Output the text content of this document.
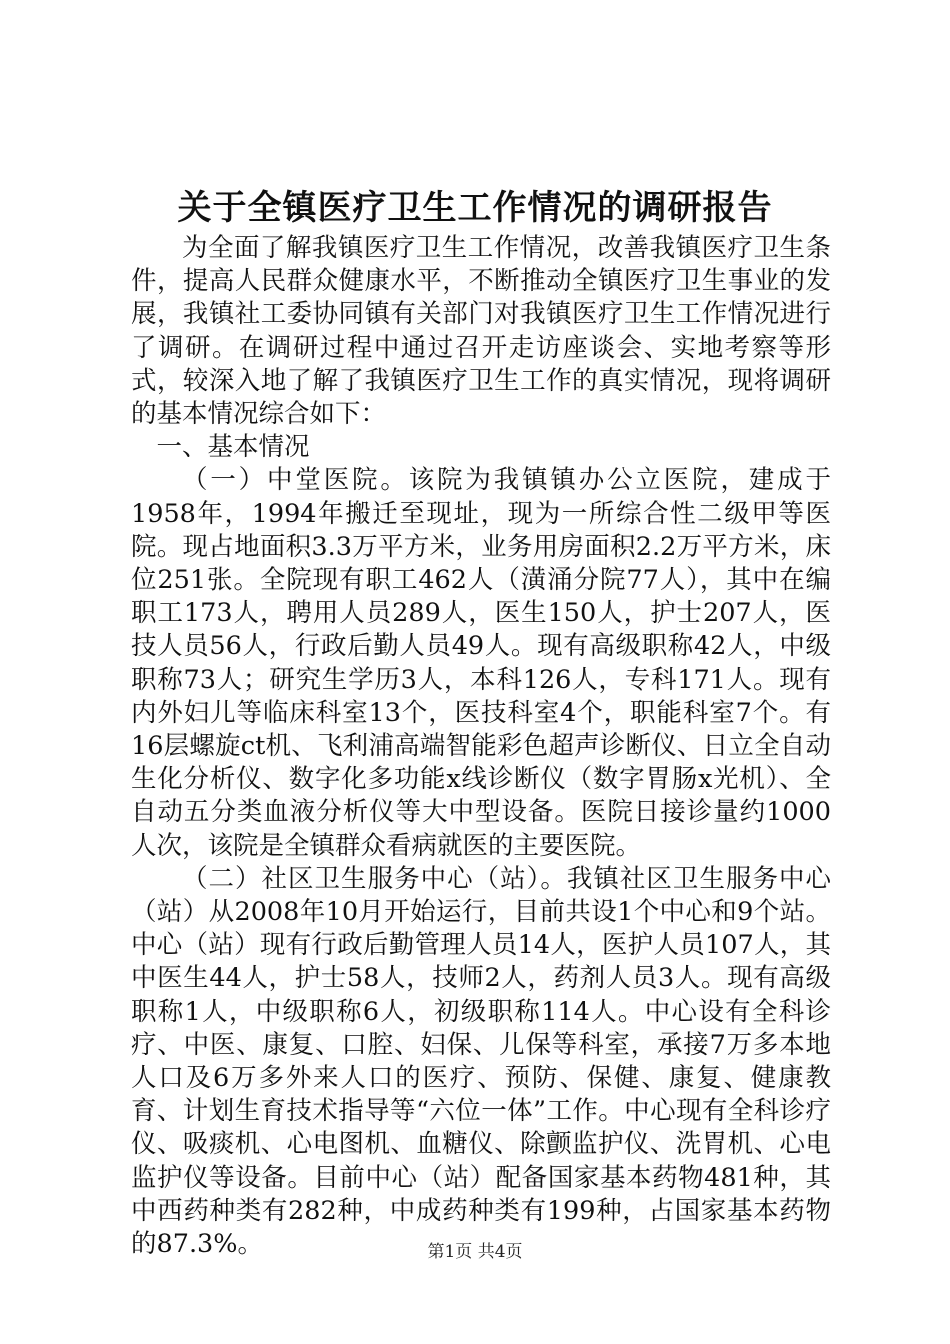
关于全镇医疗卫生工作情况的调研报告

为全面了解我镇医疗卫生工作情况，改善我镇医疗卫生条件，提高人民群众健康水平，不断推动全镇医疗卫生事业的发展，我镇社工委协同镇有关部门对我镇医疗卫生工作情况进行了调研。在调研过程中通过召开走访座谈会、实地考察等形式，较深入地了解了我镇医疗卫生工作的真实情况，现将调研的基本情况综合如下：

一、基本情况

（一）中堂医院。该院为我镇镇办公立医院，建成于1958年，1994年搬迁至现址，现为一所综合性二级甲等医院。现占地面积3.3万平方米，业务用房面积2.2万平方米，床位251张。全院现有职工462人（潢涌分院77人），其中在编职工173人，聘用人员289人，医生150人，护士207人，医技人员56人，行政后勤人员49人。现有高级职称42人，中级职称73人；研究生学历3人，本科126人，专科171人。现有内外妇儿等临床科室13个，医技科室4个，职能科室7个。有16层螺旋ct机、飞利浦高端智能彩色超声诊断仪、日立全自动生化分析仪、数字化多功能x线诊断仪（数字胃肠x光机）、全自动五分类血液分析仪等大中型设备。医院日接诊量约1000人次，该院是全镇群众看病就医的主要医院。

（二）社区卫生服务中心（站）。我镇社区卫生服务中心（站）从2008年10月开始运行，目前共设1个中心和9个站。中心（站）现有行政后勤管理人员14人，医护人员107人，其中医生44人，护士58人，技师2人，药剂人员3人。现有高级职称1人，中级职称6人，初级职称114人。中心设有全科诊疗、中医、康复、口腔、妇保、儿保等科室，承接7万多本地人口及6万多外来人口的医疗、预防、保健、康复、健康教育、计划生育技术指导等“六位一体”工作。中心现有全科诊疗仪、吸痰机、心电图机、血糖仪、除颤监护仪、洗胃机、心电监护仪等设备。目前中心（站）配备国家基本药物481种，其中西药种类有282种，中成药种类有199种，占国家基本药物的87.3%。	第1页 共4页
